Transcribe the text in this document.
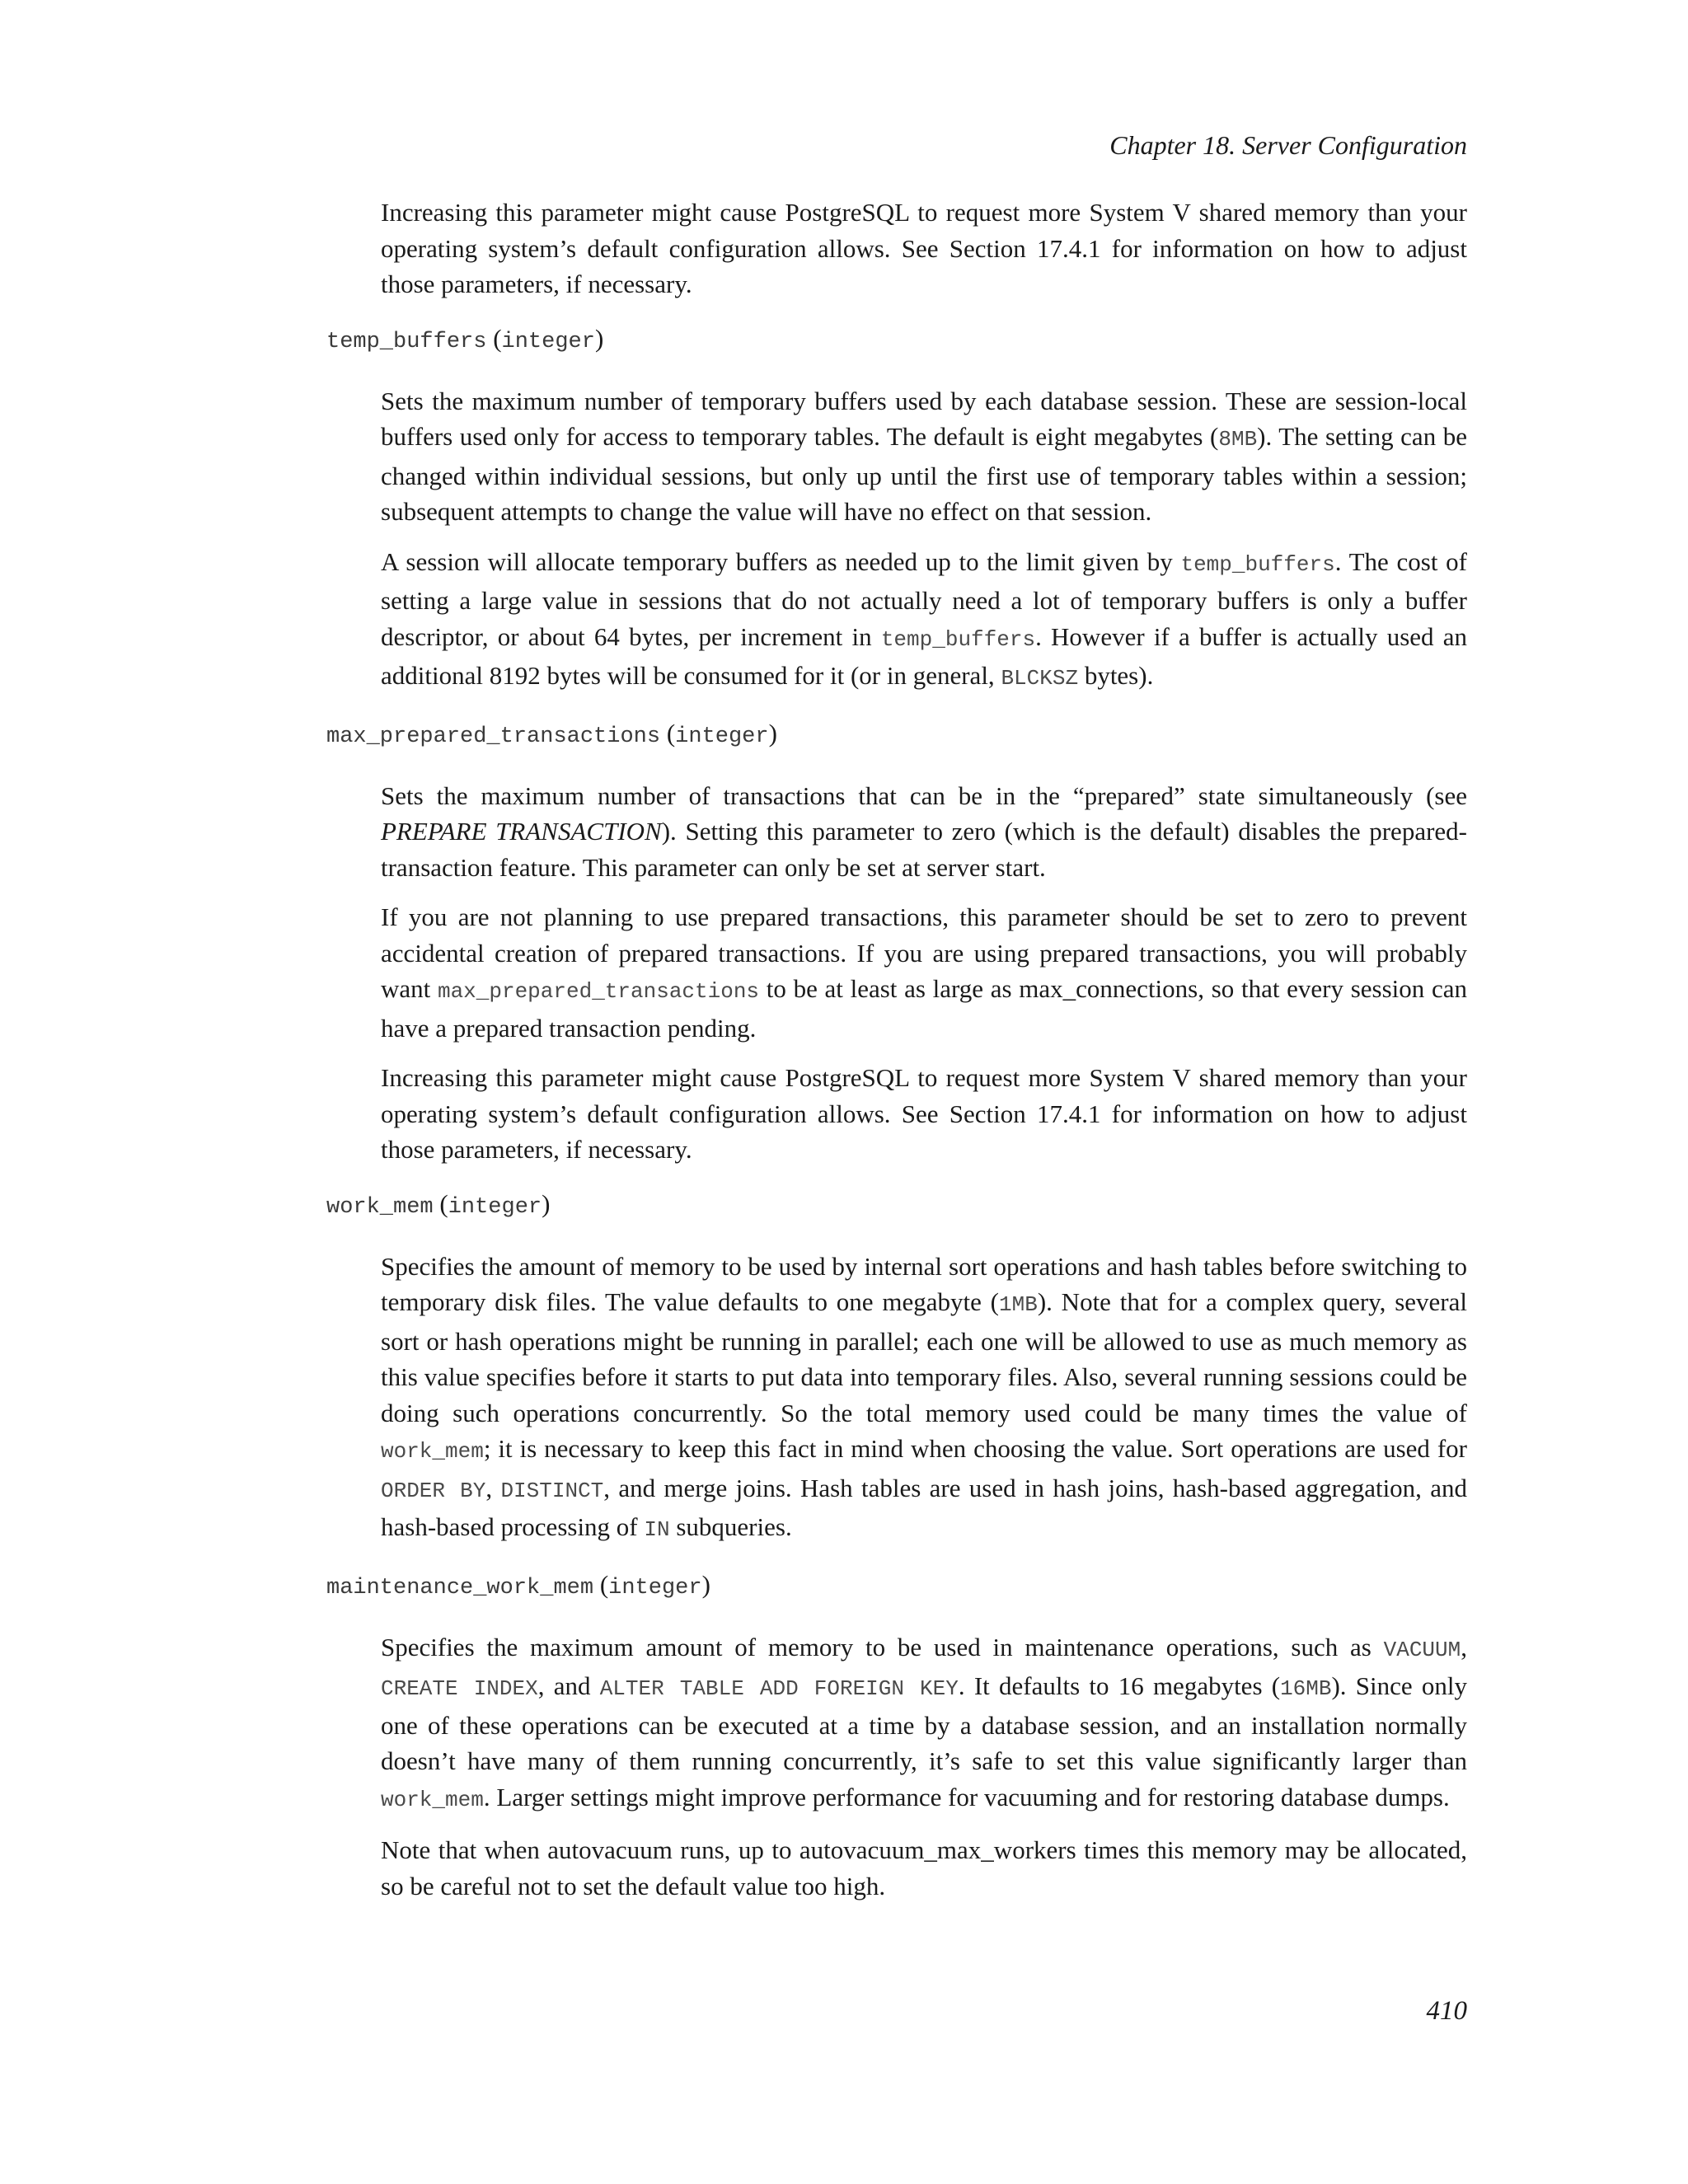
Chapter 18. Server Configuration

Increasing this parameter might cause PostgreSQL to request more System V shared memory than your operating system’s default configuration allows. See Section 17.4.1 for information on how to adjust those parameters, if necessary.

temp_buffers (integer)

Sets the maximum number of temporary buffers used by each database session. These are session-local buffers used only for access to temporary tables. The default is eight megabytes (8MB). The setting can be changed within individual sessions, but only up until the first use of temporary tables within a session; subsequent attempts to change the value will have no effect on that session.

A session will allocate temporary buffers as needed up to the limit given by temp_buffers. The cost of setting a large value in sessions that do not actually need a lot of temporary buffers is only a buffer descriptor, or about 64 bytes, per increment in temp_buffers. However if a buffer is actually used an additional 8192 bytes will be consumed for it (or in general, BLCKSZ bytes).

max_prepared_transactions (integer)

Sets the maximum number of transactions that can be in the “prepared” state simultaneously (see PREPARE TRANSACTION). Setting this parameter to zero (which is the default) disables the prepared-transaction feature. This parameter can only be set at server start.

If you are not planning to use prepared transactions, this parameter should be set to zero to prevent accidental creation of prepared transactions. If you are using prepared transactions, you will probably want max_prepared_transactions to be at least as large as max_connections, so that every session can have a prepared transaction pending.

Increasing this parameter might cause PostgreSQL to request more System V shared memory than your operating system’s default configuration allows. See Section 17.4.1 for information on how to adjust those parameters, if necessary.

work_mem (integer)

Specifies the amount of memory to be used by internal sort operations and hash tables before switching to temporary disk files. The value defaults to one megabyte (1MB). Note that for a complex query, several sort or hash operations might be running in parallel; each one will be allowed to use as much memory as this value specifies before it starts to put data into temporary files. Also, several running sessions could be doing such operations concurrently. So the total memory used could be many times the value of work_mem; it is necessary to keep this fact in mind when choosing the value. Sort operations are used for ORDER BY, DISTINCT, and merge joins. Hash tables are used in hash joins, hash-based aggregation, and hash-based processing of IN subqueries.

maintenance_work_mem (integer)

Specifies the maximum amount of memory to be used in maintenance operations, such as VACUUM, CREATE INDEX, and ALTER TABLE ADD FOREIGN KEY. It defaults to 16 megabytes (16MB). Since only one of these operations can be executed at a time by a database session, and an installation normally doesn’t have many of them running concurrently, it’s safe to set this value significantly larger than work_mem. Larger settings might improve performance for vacuuming and for restoring database dumps.

Note that when autovacuum runs, up to autovacuum_max_workers times this memory may be allocated, so be careful not to set the default value too high.

410
